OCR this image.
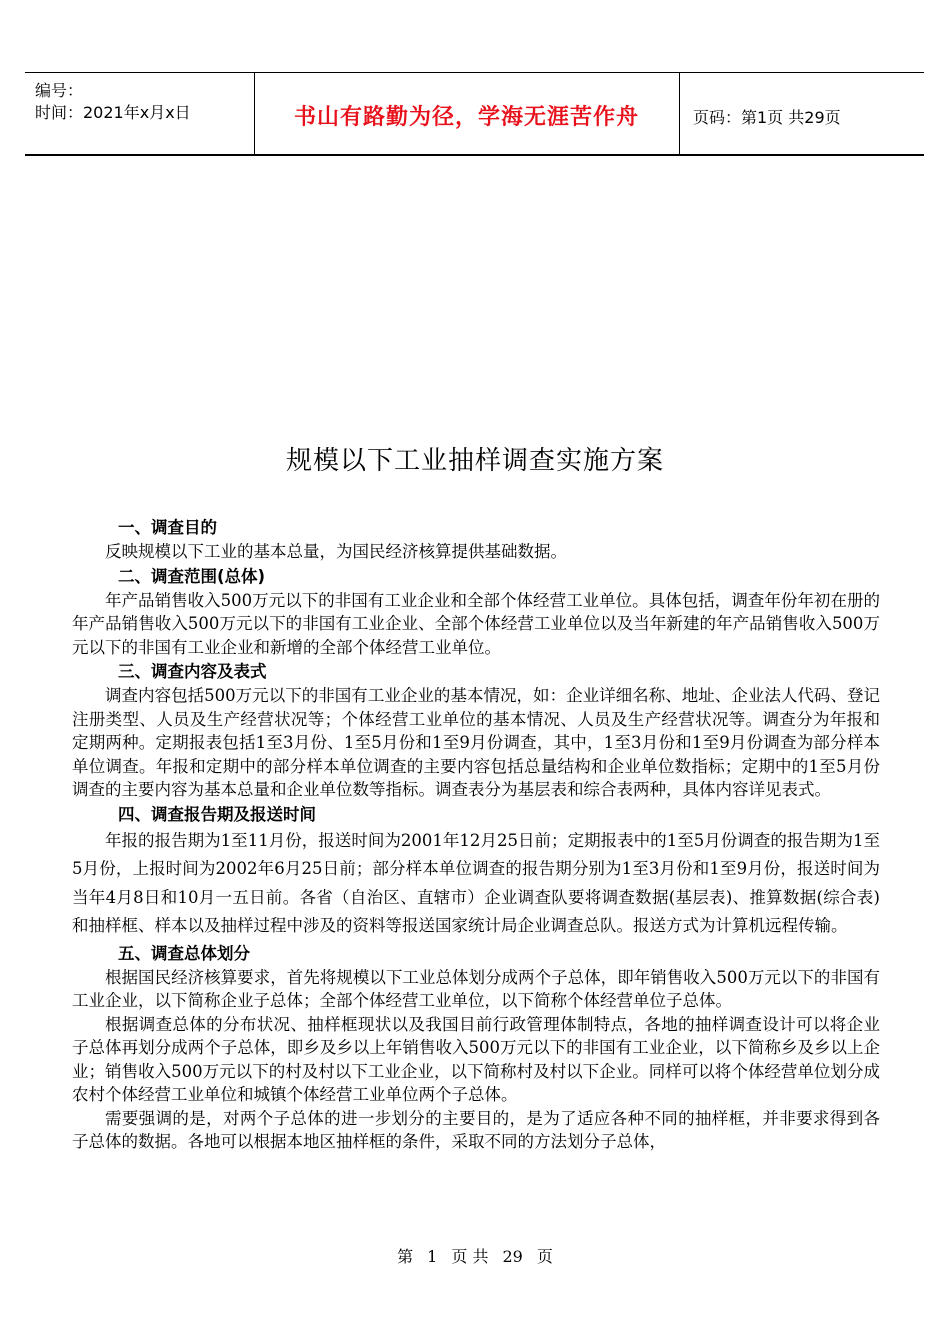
编号：
时间：2021年x月x日	书山有路勤为径，学海无涯苦作舟	页码：第1页 共29页
规模以下工业抽样调查实施方案
一、调查目的

反映规模以下工业的基本总量，为国民经济核算提供基础数据。

二、调查范围(总体)

年产品销售收入500万元以下的非国有工业企业和全部个体经营工业单位。具体包括，调查年份年初在册的年产品销售收入500万元以下的非国有工业企业、全部个体经营工业单位以及当年新建的年产品销售收入500万元以下的非国有工业企业和新增的全部个体经营工业单位。

三、调查内容及表式

调查内容包括500万元以下的非国有工业企业的基本情况，如：企业详细名称、地址、企业法人代码、登记注册类型、人员及生产经营状况等；个体经营工业单位的基本情况、人员及生产经营状况等。调查分为年报和定期两种。定期报表包括1至3月份、1至5月份和1至9月份调查，其中，1至3月份和1至9月份调查为部分样本单位调查。年报和定期中的部分样本单位调查的主要内容包括总量结构和企业单位数指标；定期中的1至5月份调查的主要内容为基本总量和企业单位数等指标。调查表分为基层表和综合表两种，具体内容详见表式。

四、调查报告期及报送时间

年报的报告期为1至11月份，报送时间为2001年12月25日前；定期报表中的1至5月份调查的报告期为1至5月份，上报时间为2002年6月25日前；部分样本单位调查的报告期分别为1至3月份和1至9月份，报送时间为当年4月8日和10月一五日前。各省（自治区、直辖市）企业调查队要将调查数据(基层表)、推算数据(综合表)和抽样框、样本以及抽样过程中涉及的资料等报送国家统计局企业调查总队。报送方式为计算机远程传输。

五、调查总体划分

根据国民经济核算要求，首先将规模以下工业总体划分成两个子总体，即年销售收入500万元以下的非国有工业企业，以下简称企业子总体；全部个体经营工业单位，以下简称个体经营单位子总体。

根据调查总体的分布状况、抽样框现状以及我国目前行政管理体制特点，各地的抽样调查设计可以将企业子总体再划分成两个子总体，即乡及乡以上年销售收入500万元以下的非国有工业企业，以下简称乡及乡以上企业；销售收入500万元以下的村及村以下工业企业，以下简称村及村以下企业。同样可以将个体经营单位划分成农村个体经营工业单位和城镇个体经营工业单位两个子总体。

需要强调的是，对两个子总体的进一步划分的主要目的，是为了适应各种不同的抽样框，并非要求得到各子总体的数据。各地可以根据本地区抽样框的条件，采取不同的方法划分子总体，

第 1 页 共 29 页
